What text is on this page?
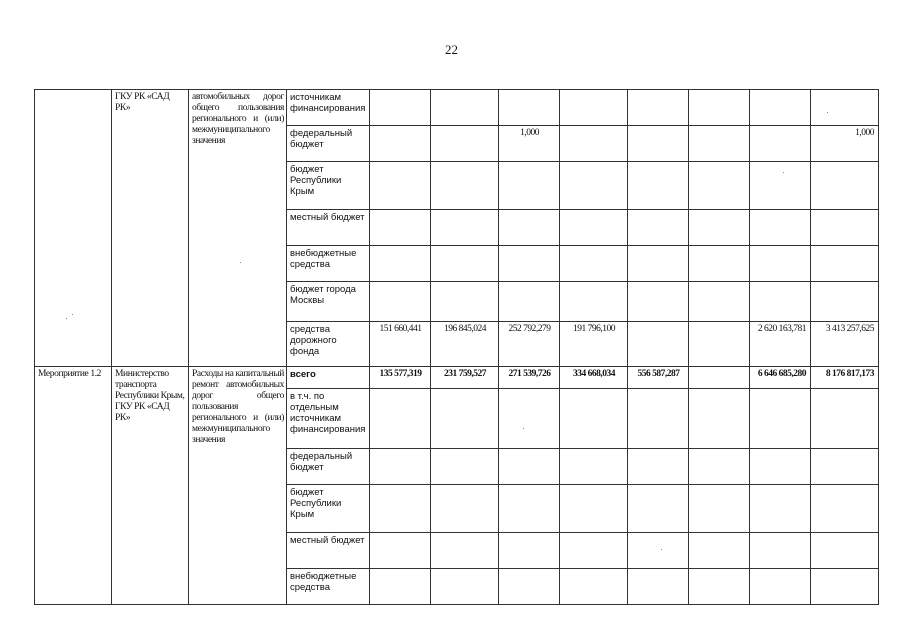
22
	ГКУ РК «САД РК»	автомобильных дорог общего пользования регионального и (или) межмуниципального значения	источникам финансирования								
			федеральный бюджет			1,000					1,000
			бюджет Республики Крым								
			местный бюджет								
			внебюджетные средства								
			бюджет города Москвы								
			средства дорожного фонда	151 660,441	196 845,024	252 792,279	191 796,100			2 620 163,781	3 413 257,625
Мероприятие 1.2	Министерство транспорта Республики Крым, ГКУ РК «САД РК»	Расходы на капитальный ремонт автомобильных дорог общего пользования регионального и (или) межмуниципального значения	всего	135 577,319	231 759,527	271 539,726	334 668,034	556 587,287		6 646 685,280	8 176 817,173
			в т.ч. по отдельным источникам финансирования								
			федеральный бюджет								
			бюджет Республики Крым								
			местный бюджет								
			внебюджетные средства								
